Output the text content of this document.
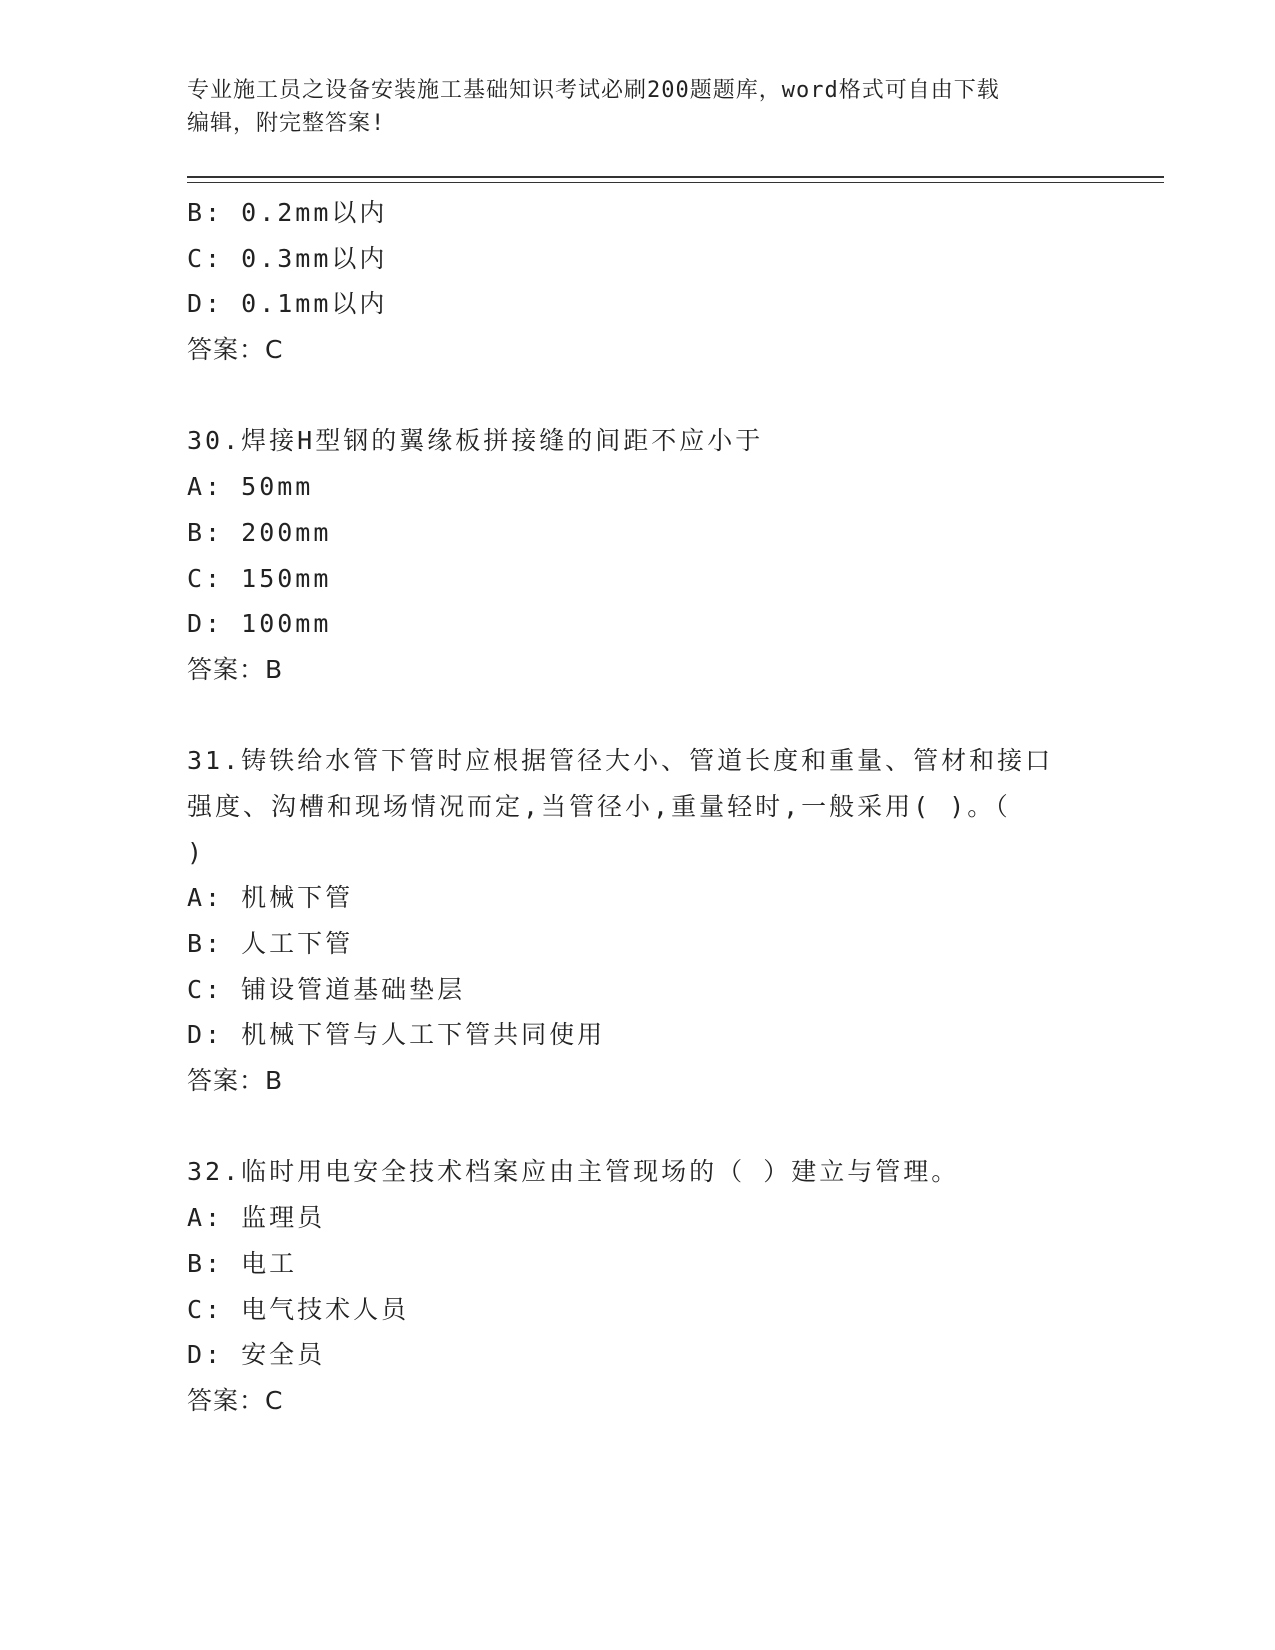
专业施工员之设备安装施工基础知识考试必刷200题题库，word格式可自由下载
编辑，附完整答案!
B: 0.2mm以内
C: 0.3mm以内
D: 0.1mm以内
答案：C
30.焊接H型钢的翼缘板拼接缝的间距不应小于
A: 50mm
B: 200mm
C: 150mm
D: 100mm
答案：B
31.铸铁给水管下管时应根据管径大小、管道长度和重量、管材和接口
强度、沟槽和现场情况而定,当管径小,重量轻时,一般采用( )。（
)
A: 机械下管
B: 人工下管
C: 铺设管道基础垫层
D: 机械下管与人工下管共同使用
答案：B
32.临时用电安全技术档案应由主管现场的（ ）建立与管理。
A: 监理员
B: 电工
C: 电气技术人员
D: 安全员
答案：C
